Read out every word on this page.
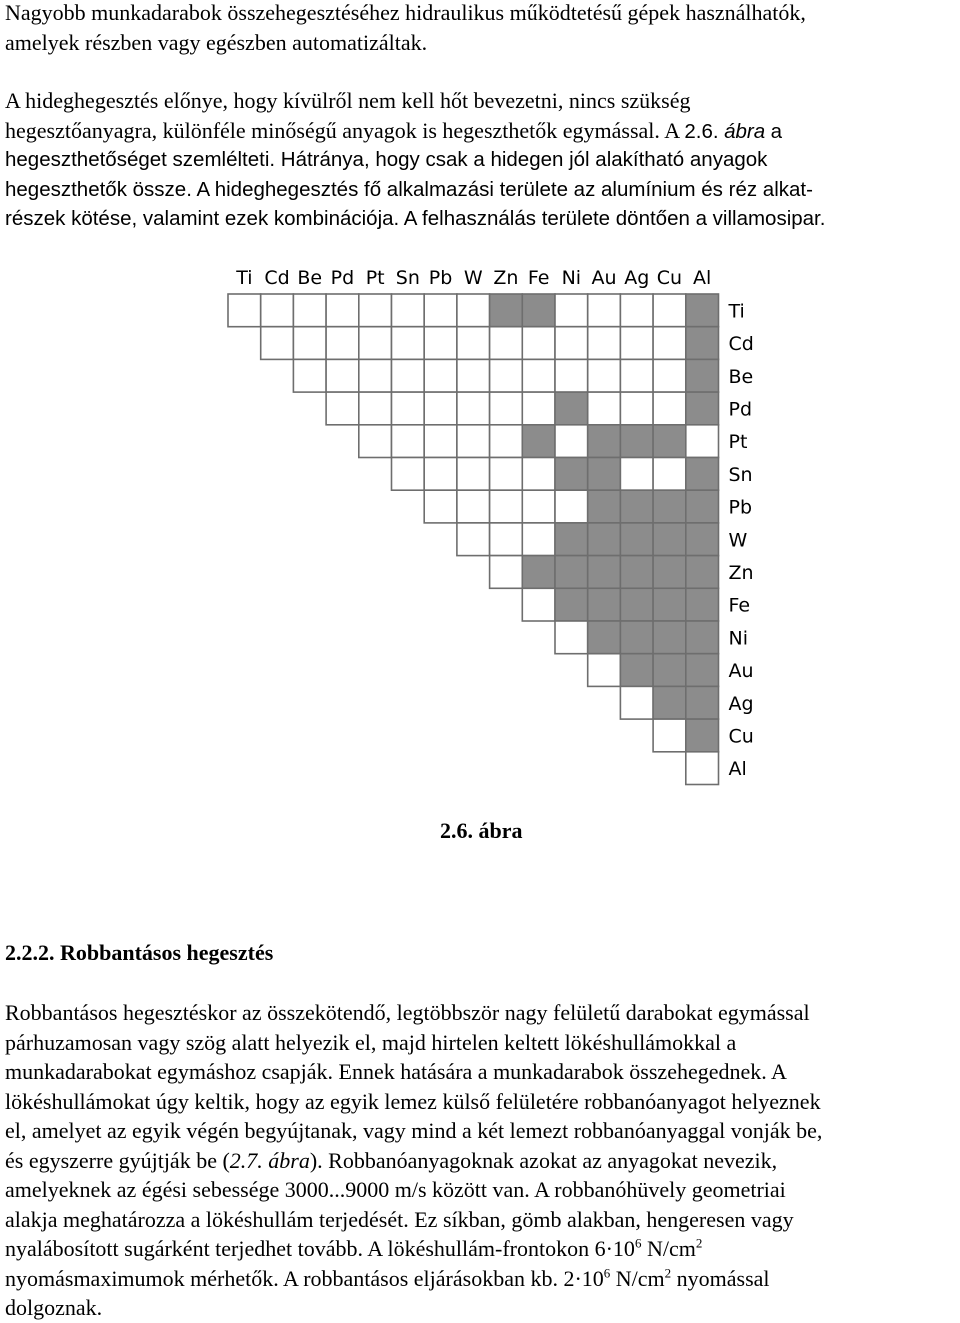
Nagyobb munkadarabok összehegesztéséhez hidraulikus működtetésű gépek használhatók,
amelyek részben vagy egészben automatizáltak.
A hideghegesztés előnye, hogy kívülről nem kell hőt bevezetni, nincs szükség
hegesztőanyagra, különféle minőségű anyagok is hegeszthetők egymással. A 2.6. ábra a
hegeszthetőséget szemlélteti. Hátránya, hogy csak a hidegen jól alakítható anyagok
hegeszthetők össze. A hideghegesztés fő alkalmazási területe az alumínium és réz alkat-
részek kötése, valamint ezek kombinációja. A felhasználás területe döntően a villamosipar.
Ti Cd Be Pd Pt Sn Pb W Zn Fe Ni Au Ag Cu Al
Ti
Cd
Be
Pd
Pt
Sn
Pb
W
Zn
Fe
Ni
Au
Ag
Cu
Al
2.6. ábra
2.2.2. Robbantásos hegesztés
Robbantásos hegesztéskor az összekötendő, legtöbbször nagy felületű darabokat egymással
párhuzamosan vagy szög alatt helyezik el, majd hirtelen keltett lökéshullámokkal a
munkadarabokat egymáshoz csapják. Ennek hatására a munkadarabok összehegednek. A
lökéshullámokat úgy keltik, hogy az egyik lemez külső felületére robbanóanyagot helyeznek
el, amelyet az egyik végén begyújtanak, vagy mind a két lemezt robbanóanyaggal vonják be,
és egyszerre gyújtják be (2.7. ábra). Robbanóanyagoknak azokat az anyagokat nevezik,
amelyeknek az égési sebessége 3000...9000 m/s között van. A robbanóhüvely geometriai
alakja meghatározza a lökéshullám terjedését. Ez síkban, gömb alakban, hengeresen vagy
nyalábosított sugárként terjedhet tovább. A lökéshullám-frontokon $6\cdot 10^6$ $N/cm^2$
nyomásmaximumok mérhetők. A robbantásos eljárásokban kb. $2\cdot 10^6$ $N/cm^2$ nyomással
dolgoznak.
